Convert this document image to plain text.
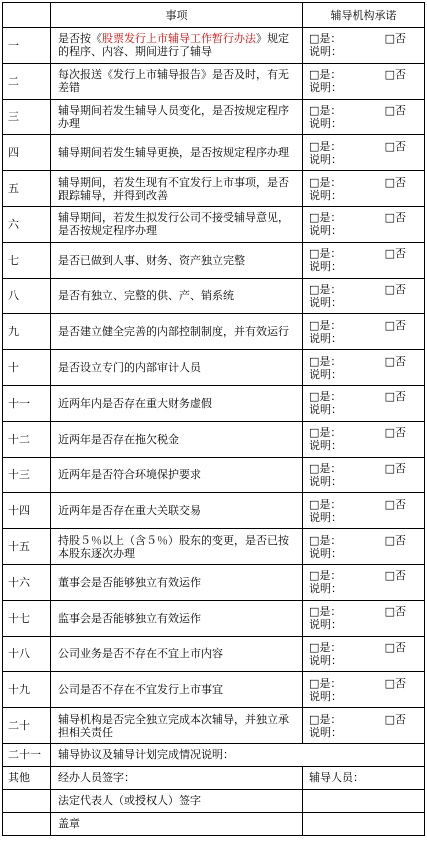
	事项	辅导机构承诺
一	是否按《股票发行上市辅导工作暂行办法》规定的程序、内容、期间进行了辅导	□是： □否
说明：

二	每次报送《发行上市辅导报告》是否及时，有无差错	□是： □否
说明：

三	辅导期间若发生辅导人员变化，是否按规定程序办理	□是： □否
说明：

四	辅导期间若发生辅导更换，是否按规定程序办理	□是： □否
说明：

五	辅导期间，若发生现有不宜发行上市事项，是否跟踪辅导，并得到改善	□是： □否
说明：

六	辅导期间，若发生拟发行公司不接受辅导意见，是否按规定程序办理	□是： □否
说明：

七	是否已做到人事、财务、资产独立完整	□是： □否
说明：

八	是否有独立、完整的供、产、销系统	□是： □否
说明：

九	是否建立健全完善的内部控制制度，并有效运行	□是： □否
说明：

十	是否设立专门的内部审计人员	□是： □否
说明：

十一	近两年内是否存在重大财务虚假	□是： □否
说明：

十二	近两年是否存在拖欠税金	□是： □否
说明：

十三	近两年是否符合环境保护要求	□是： □否
说明：

十四	近两年是否存在重大关联交易	□是： □否
说明：

十五	持股５％以上（含５％）股东的变更，是否已按本股东逐次办理	□是： □否
说明：

十六	董事会是否能够独立有效运作	□是： □否
说明：

十七	监事会是否能够独立有效运作	□是： □否
说明：

十八	公司业务是否不存在不宜上市内容	□是： □否
说明：

十九	公司是否不存在不宜发行上市事宜	□是： □否
说明：

二十	辅导机构是否完全独立完成本次辅导，并独立承担相关责任	□是： □否
说明：

二十一	辅导协议及辅导计划完成情况说明：	
其他	经办人员签字：	辅导人员：
	法定代表人（或授权人）签字	
	盖章	
